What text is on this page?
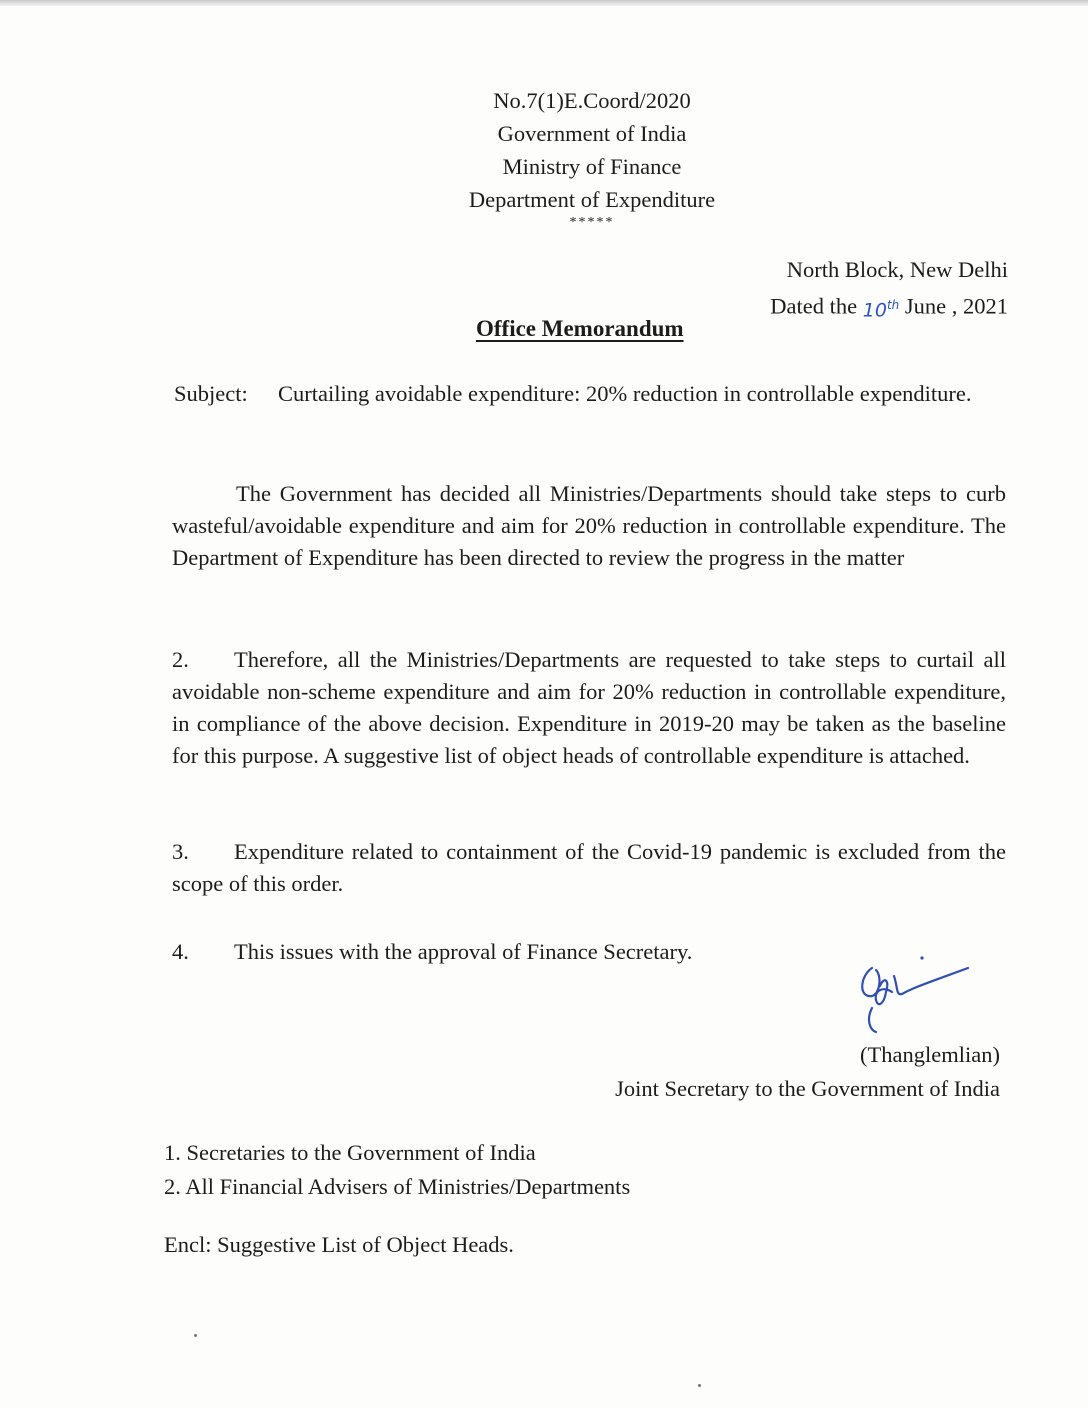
No.7(1)E.Coord/2020
Government of India
Ministry of Finance
Department of Expenditure
*****
North Block, New Delhi
Dated the 10th June , 2021
Office Memorandum
Subject: Curtailing avoidable expenditure: 20% reduction in controllable expenditure.
The Government has decided all Ministries/Departments should take steps to curb wasteful/avoidable expenditure and aim for 20% reduction in controllable expenditure. The Department of Expenditure has been directed to review the progress in the matter
2. Therefore, all the Ministries/Departments are requested to take steps to curtail all avoidable non-scheme expenditure and aim for 20% reduction in controllable expenditure, in compliance of the above decision. Expenditure in 2019-20 may be taken as the baseline for this purpose. A suggestive list of object heads of controllable expenditure is attached.
3. Expenditure related to containment of the Covid-19 pandemic is excluded from the scope of this order.
4. This issues with the approval of Finance Secretary.
(Thanglemlian)
Joint Secretary to the Government of India
1. Secretaries to the Government of India
2. All Financial Advisers of Ministries/Departments
Encl: Suggestive List of Object Heads.
